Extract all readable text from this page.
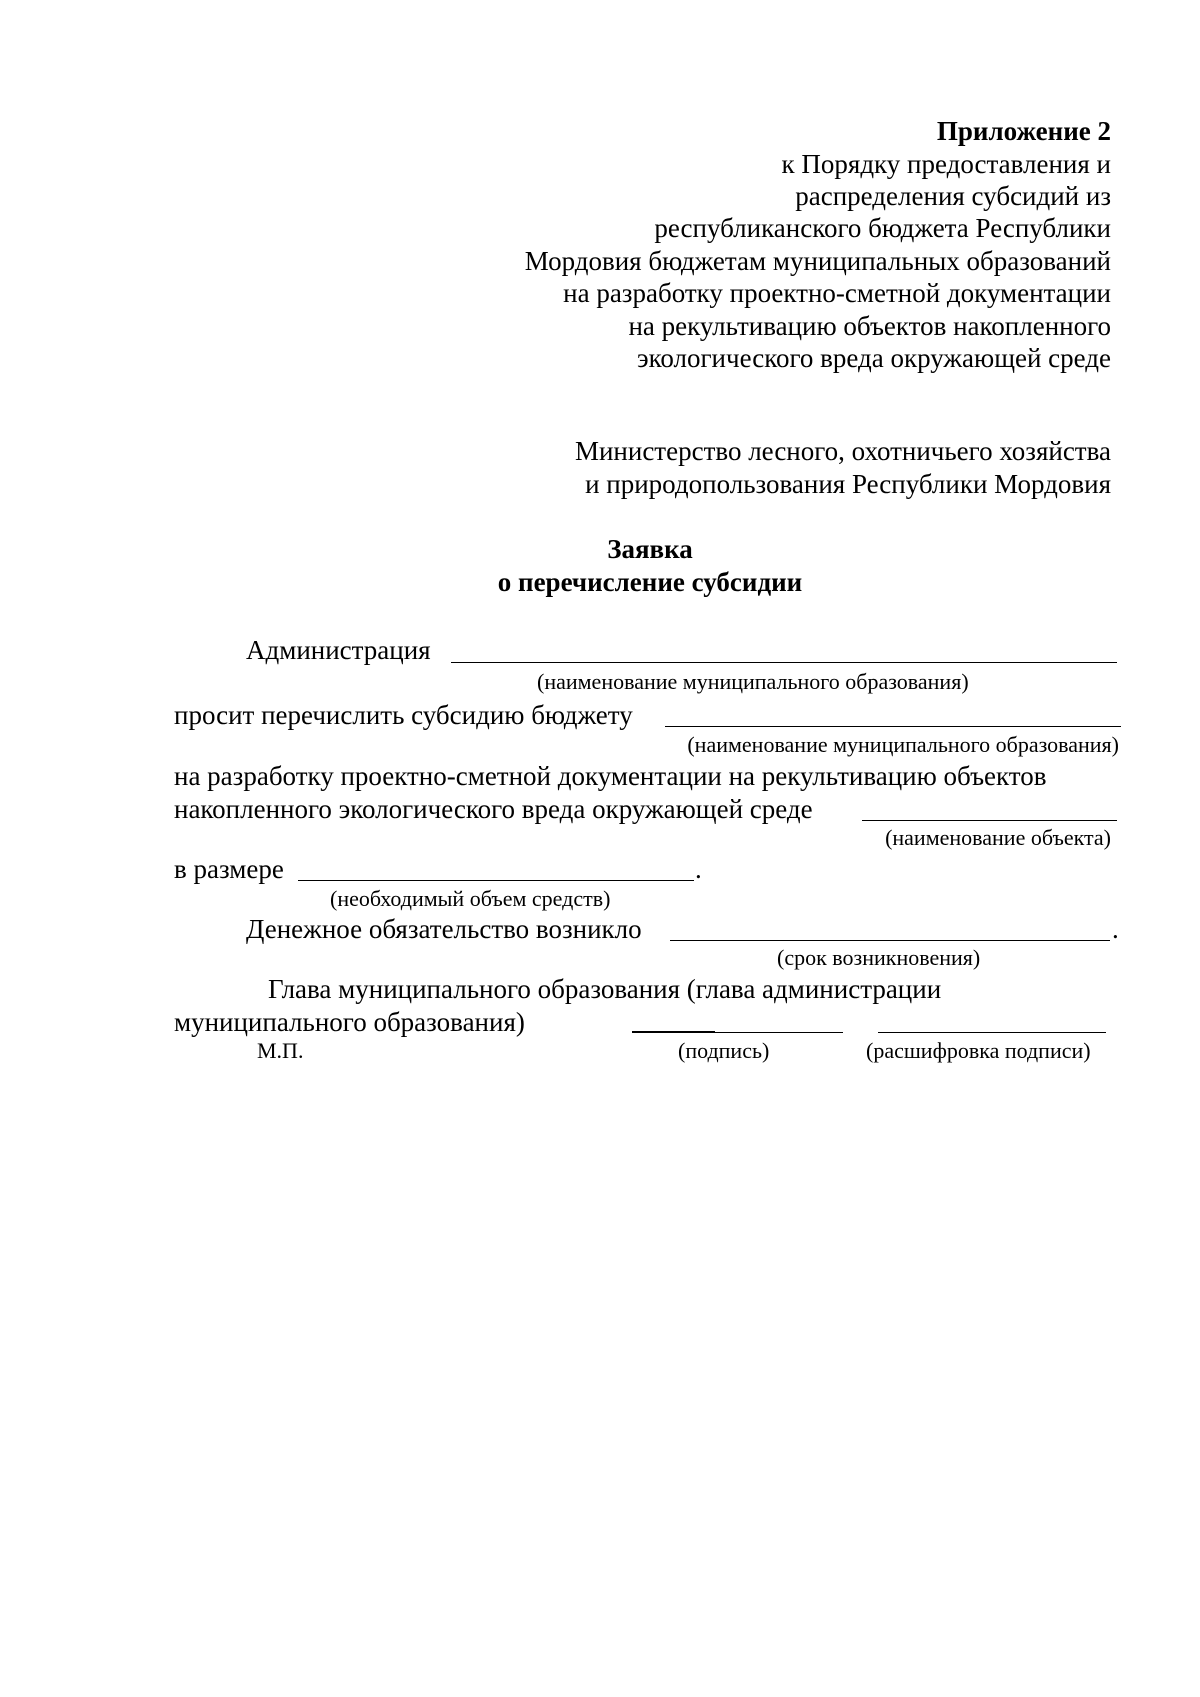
Приложение 2
к Порядку предоставления и
распределения субсидий из
республиканского бюджета Республики
Мордовия бюджетам муниципальных образований
на разработку проектно-сметной документации
на рекультивацию объектов накопленного
экологического вреда окружающей среде
Министерство лесного, охотничьего хозяйства
и природопользования Республики Мордовия
Заявка
о перечисление субсидии
Администрация
(наименование муниципального образования)
просит перечислить субсидию бюджету
(наименование муниципального образования)
на разработку проектно-сметной документации на рекультивацию объектов
накопленного экологического вреда окружающей среде
(наименование объекта)
в размере	.
(необходимый объем средств)
Денежное обязательство возникло	.
(срок возникновения)
Глава муниципального образования (глава администрации
муниципального образования)
М.П.	(подпись)	(расшифровка подписи)
